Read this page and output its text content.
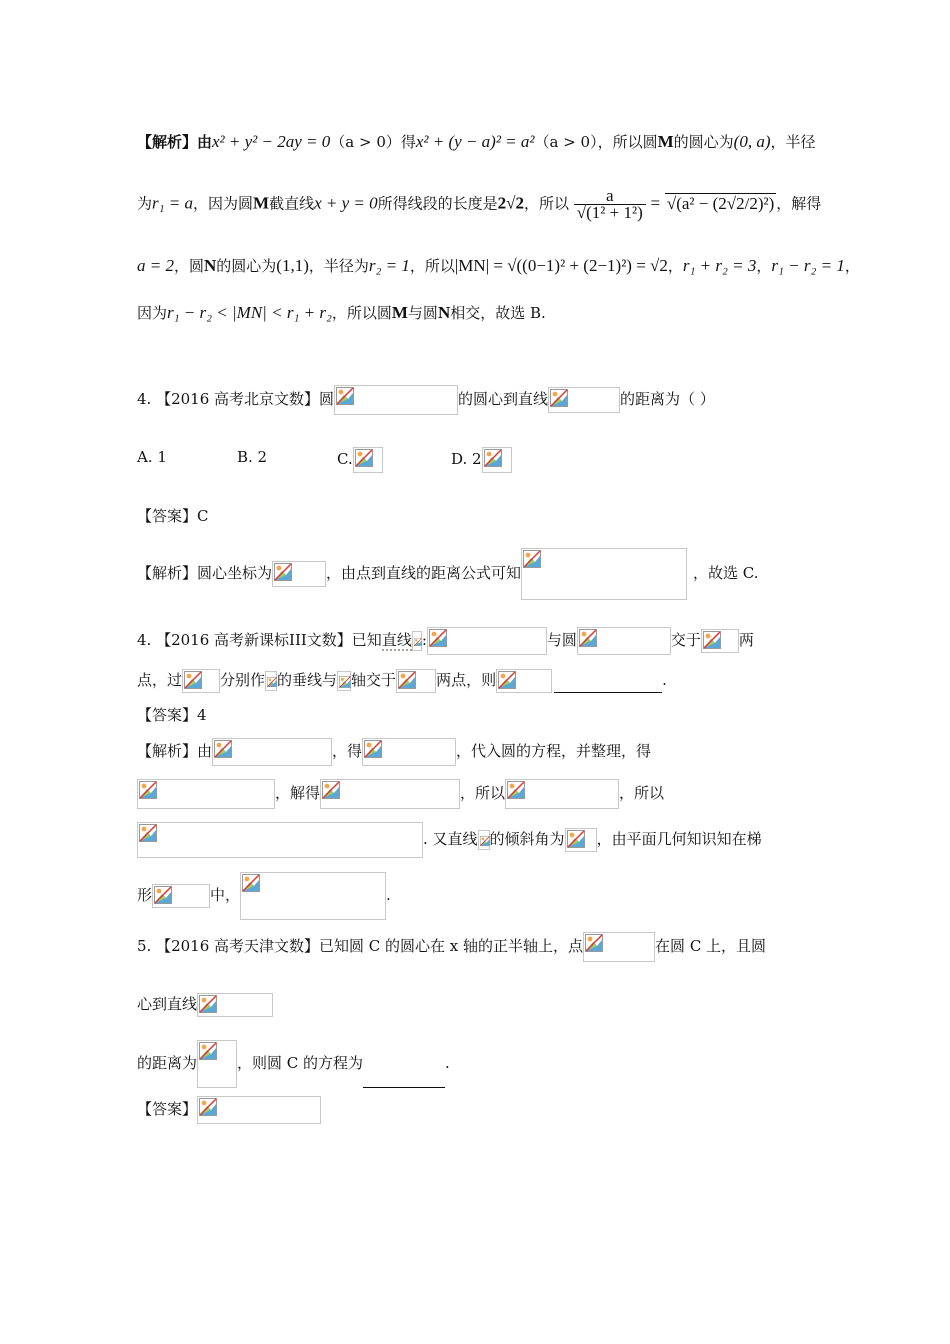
【解析】由x² + y² − 2ay = 0（a > 0）得x² + (y − a)² = a²（a > 0），所以圆M的圆心为(0, a)，半径
为r₁ = a，因为圆M截直线x + y = 0所得线段的长度是2√2，所以 $\frac{a}{\text{√(1² + 1²)}} = √(a^2 - (2√2/2)^2)$ ，解得
a = 2，圆N的圆心为(1,1)，半径为r₂ = 1，所以|MN| = √((0−1)² + (2−1)²) = √2，r₁ + r₂ = 3，r₁ − r₂ = 1，
因为r₁ − r₂ < |MN| < r₁ + r₂，所以圆M与圆N相交，故选 B.
4. 【2016 高考北京文数】圆	的圆心到直线	的距离为（ ）
A. 1	B. 2	C.	D. 2
【答案】C
【解析】圆心坐标为	，由点到直线的距离公式可知	，故选 C.
4. 【2016 高考新课标III文数】已知直线 :	与圆	交于	两
点，过	分别作 的垂线与 轴交于	两点，则	.
【答案】4
【解析】由	，得	，代入圆的方程，并整理，得
，解得	，所以	，所以
. 又直线 的倾斜角为 ，由平面几何知识知在梯
形	中，	.
5. 【2016 高考天津文数】已知圆 C 的圆心在 x 轴的正半轴上，点	在圆 C 上，且圆
心到直线
的距离为	，则圆 C 的方程为	.
【答案】
